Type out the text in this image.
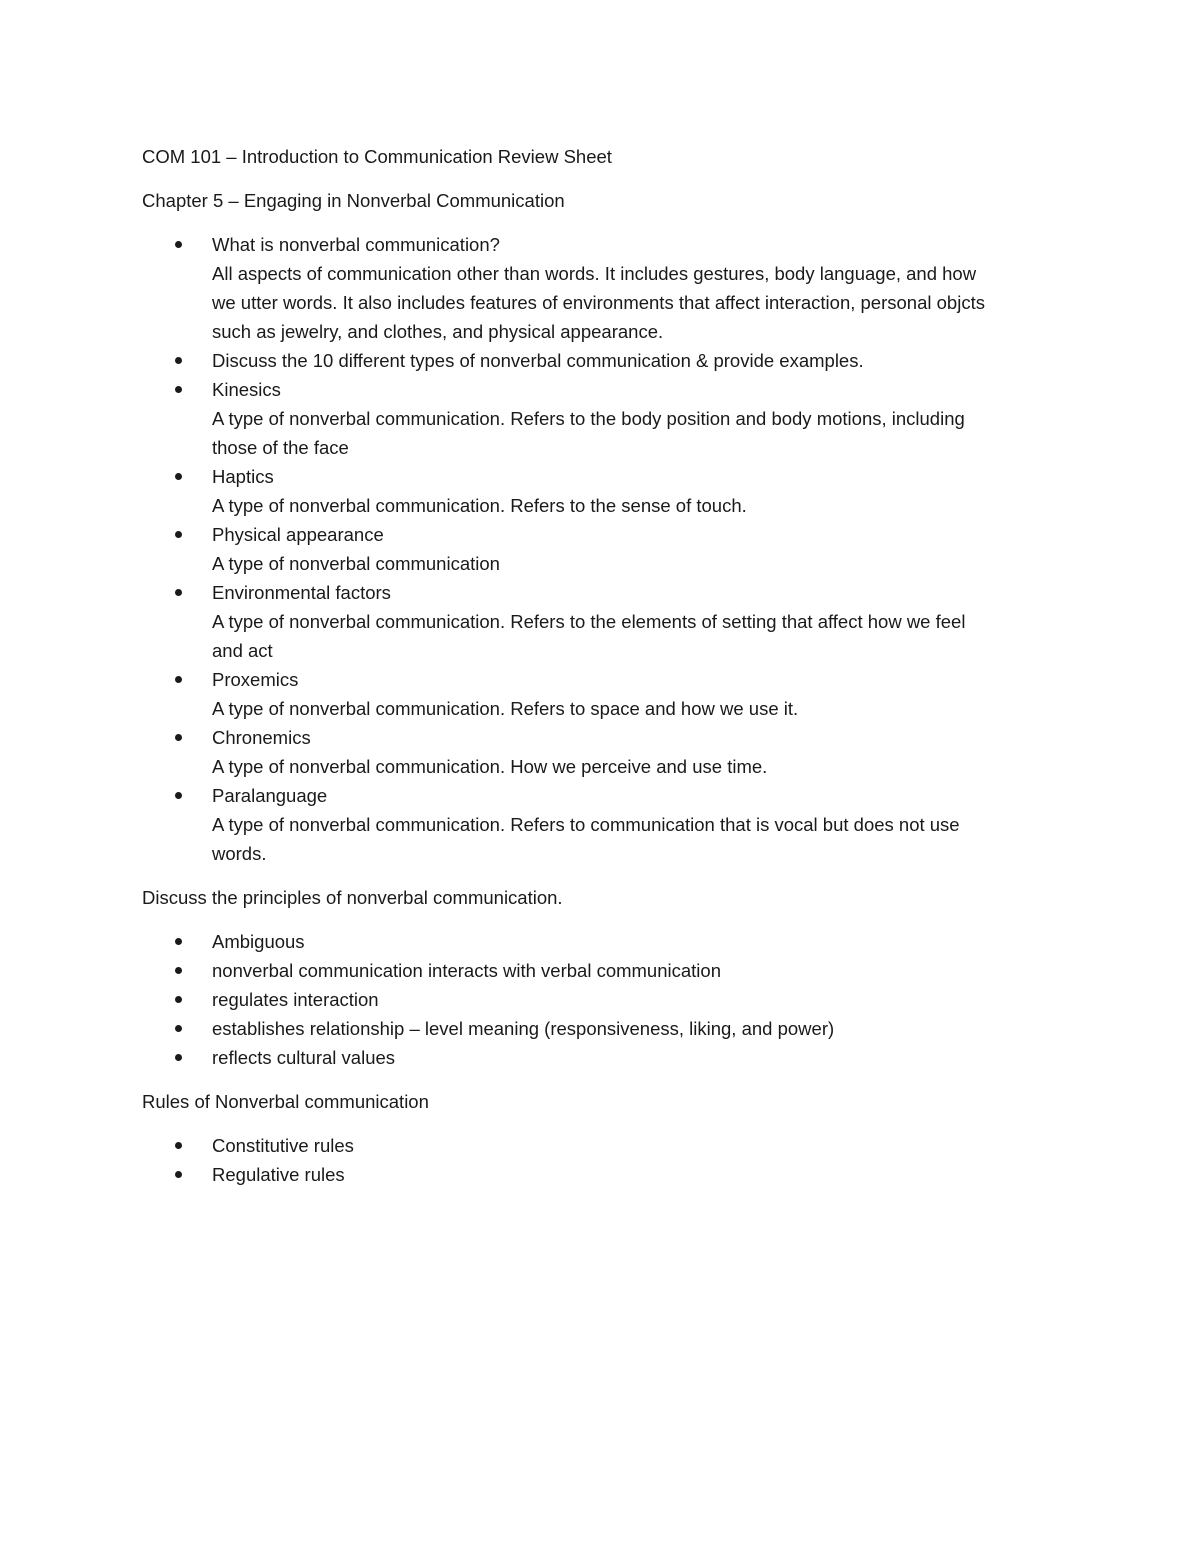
COM 101 – Introduction to Communication Review Sheet

Chapter 5 – Engaging in Nonverbal Communication

What is nonverbal communication?
All aspects of communication other than words. It includes gestures, body language, and how
we utter words. It also includes features of environments that affect interaction, personal objcts
such as jewelry, and clothes, and physical appearance.
Discuss the 10 different types of nonverbal communication & provide examples.
Kinesics
A type of nonverbal communication. Refers to the body position and body motions, including
those of the face
Haptics
A type of nonverbal communication. Refers to the sense of touch.
Physical appearance
A type of nonverbal communication
Environmental factors
A type of nonverbal communication. Refers to the elements of setting that affect how we feel
and act
Proxemics
A type of nonverbal communication. Refers to space and how we use it.
Chronemics
A type of nonverbal communication. How we perceive and use time.
Paralanguage
A type of nonverbal communication. Refers to communication that is vocal but does not use
words.

Discuss the principles of nonverbal communication.

Ambiguous
nonverbal communication interacts with verbal communication
regulates interaction
establishes relationship – level meaning (responsiveness, liking, and power)
reflects cultural values

Rules of Nonverbal communication

Constitutive rules
Regulative rules
